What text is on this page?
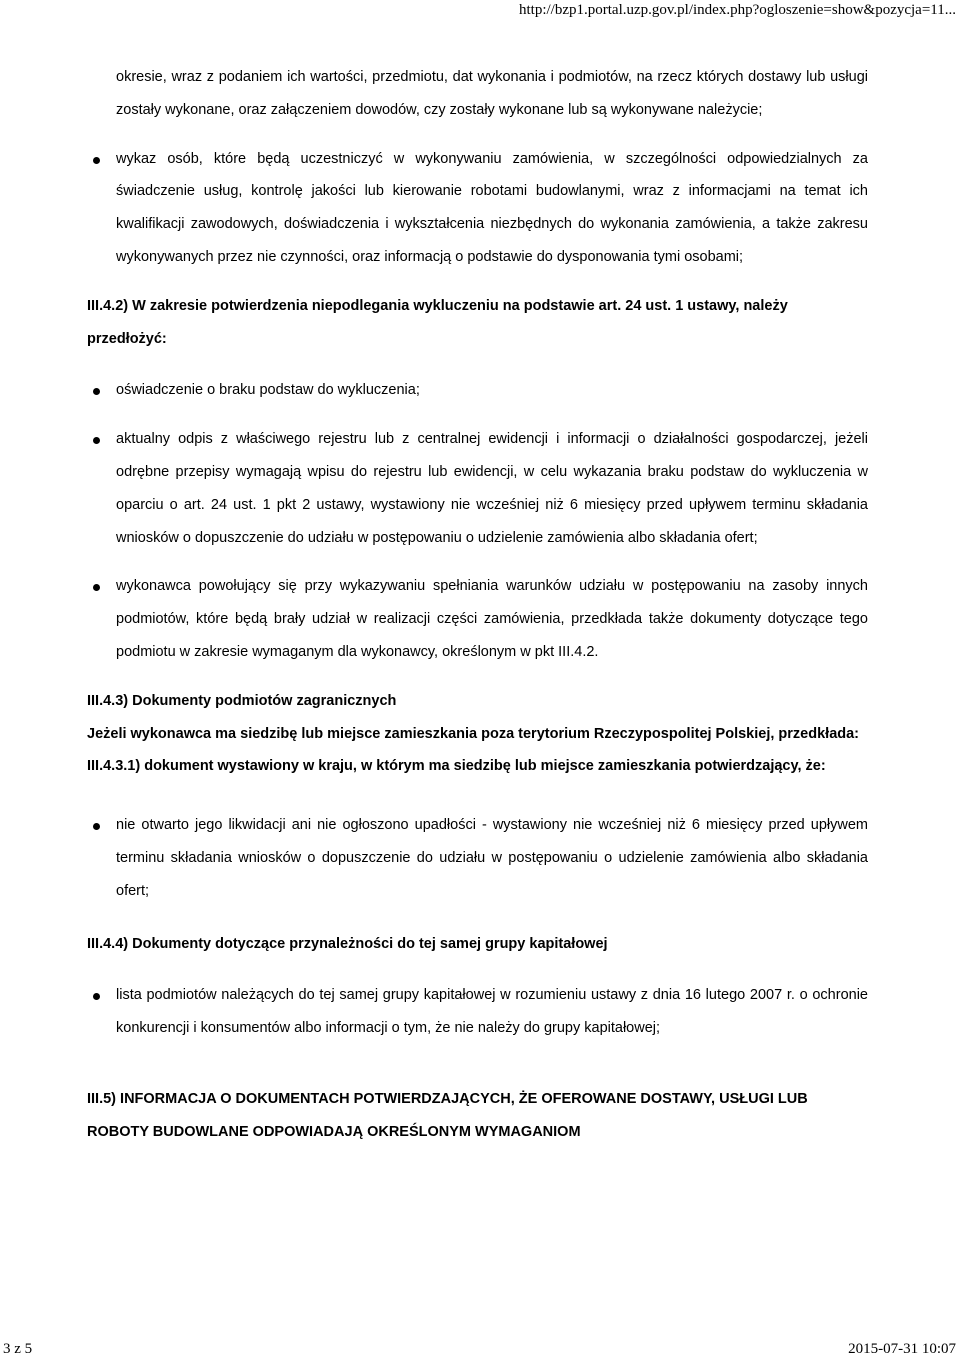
http://bzp1.portal.uzp.gov.pl/index.php?ogloszenie=show&pozycja=11...

okresie, wraz z podaniem ich wartości, przedmiotu, dat wykonania i podmiotów, na rzecz których dostawy lub usługi zostały wykonane, oraz załączeniem dowodów, czy zostały wykonane lub są wykonywane należycie;

wykaz osób, które będą uczestniczyć w wykonywaniu zamówienia, w szczególności odpowiedzialnych za świadczenie usług, kontrolę jakości lub kierowanie robotami budowlanymi, wraz z informacjami na temat ich kwalifikacji zawodowych, doświadczenia i wykształcenia niezbędnych do wykonania zamówienia, a także zakresu wykonywanych przez nie czynności, oraz informacją o podstawie do dysponowania tymi osobami;
III.4.2) W zakresie potwierdzenia niepodlegania wykluczeniu na podstawie art. 24 ust. 1 ustawy, należy przedłożyć:
oświadczenie o braku podstaw do wykluczenia;
aktualny odpis z właściwego rejestru lub z centralnej ewidencji i informacji o działalności gospodarczej, jeżeli odrębne przepisy wymagają wpisu do rejestru lub ewidencji, w celu wykazania braku podstaw do wykluczenia w oparciu o art. 24 ust. 1 pkt 2 ustawy, wystawiony nie wcześniej niż 6 miesięcy przed upływem terminu składania wniosków o dopuszczenie do udziału w postępowaniu o udzielenie zamówienia albo składania ofert;
wykonawca powołujący się przy wykazywaniu spełniania warunków udziału w postępowaniu na zasoby innych podmiotów, które będą brały udział w realizacji części zamówienia, przedkłada także dokumenty dotyczące tego podmiotu w zakresie wymaganym dla wykonawcy, określonym w pkt III.4.2.
III.4.3) Dokumenty podmiotów zagranicznych
Jeżeli wykonawca ma siedzibę lub miejsce zamieszkania poza terytorium Rzeczypospolitej Polskiej, przedkłada:
III.4.3.1) dokument wystawiony w kraju, w którym ma siedzibę lub miejsce zamieszkania potwierdzający, że:
nie otwarto jego likwidacji ani nie ogłoszono upadłości - wystawiony nie wcześniej niż 6 miesięcy przed upływem terminu składania wniosków o dopuszczenie do udziału w postępowaniu o udzielenie zamówienia albo składania ofert;
III.4.4) Dokumenty dotyczące przynależności do tej samej grupy kapitałowej
lista podmiotów należących do tej samej grupy kapitałowej w rozumieniu ustawy z dnia 16 lutego 2007 r. o ochronie konkurencji i konsumentów albo informacji o tym, że nie należy do grupy kapitałowej;
III.5) INFORMACJA O DOKUMENTACH POTWIERDZAJĄCYCH, ŻE OFEROWANE DOSTAWY, USŁUGI LUB ROBOTY BUDOWLANE ODPOWIADAJĄ OKREŚLONYM WYMAGANIOM
3 z 5	2015-07-31 10:07
